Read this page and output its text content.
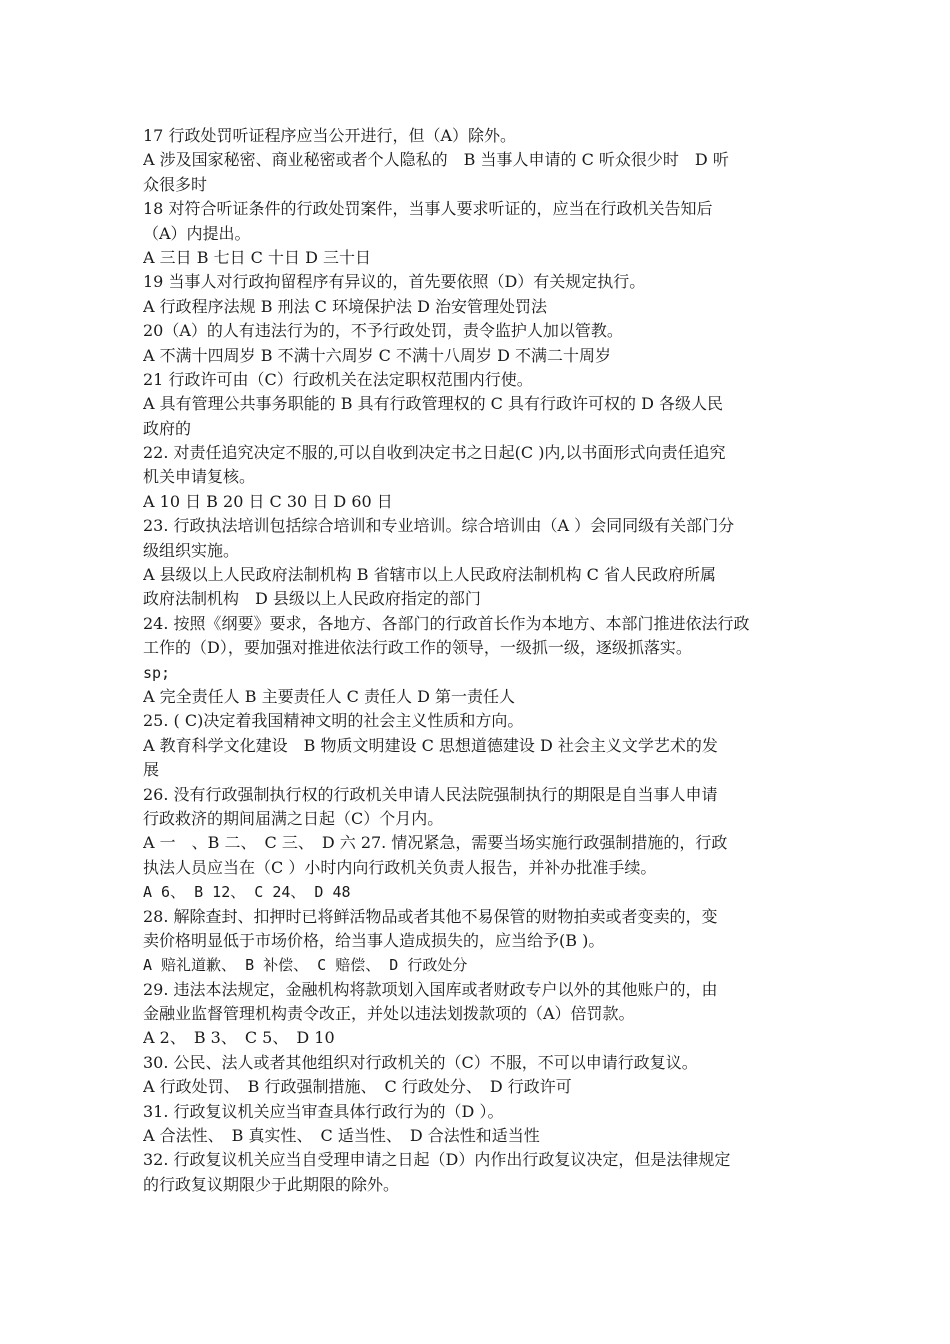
17 行政处罚听证程序应当公开进行，但（A）除外。
A 涉及国家秘密、商业秘密或者个人隐私的　B 当事人申请的 C 听众很少时　D 听
众很多时
18 对符合听证条件的行政处罚案件，当事人要求听证的，应当在行政机关告知后
（A）内提出。
A 三日 B 七日 C 十日 D 三十日
19 当事人对行政拘留程序有异议的，首先要依照（D）有关规定执行。
A 行政程序法规 B 刑法 C 环境保护法 D 治安管理处罚法
20（A）的人有违法行为的，不予行政处罚，责令监护人加以管教。
A 不满十四周岁 B 不满十六周岁 C 不满十八周岁 D 不满二十周岁
21 行政许可由（C）行政机关在法定职权范围内行使。
A 具有管理公共事务职能的 B 具有行政管理权的 C 具有行政许可权的 D 各级人民
政府的
22. 对责任追究决定不服的,可以自收到决定书之日起(C )内,以书面形式向责任追究
机关申请复核。
A 10 日 B 20 日 C 30 日 D 60 日
23. 行政执法培训包括综合培训和专业培训。综合培训由（A ）会同同级有关部门分
级组织实施。
A 县级以上人民政府法制机构 B 省辖市以上人民政府法制机构 C 省人民政府所属
政府法制机构　D 县级以上人民政府指定的部门
24. 按照《纲要》要求，各地方、各部门的行政首长作为本地方、本部门推进依法行政
工作的（D），要加强对推进依法行政工作的领导，一级抓一级，逐级抓落实。
sp;
A 完全责任人 B 主要责任人 C 责任人 D 第一责任人
25. ( C)决定着我国精神文明的社会主义性质和方向。
A 教育科学文化建设　B 物质文明建设 C 思想道德建设 D 社会主义文学艺术的发
展
26. 没有行政强制执行权的行政机关申请人民法院强制执行的期限是自当事人申请
行政救济的期间届满之日起（C）个月内。
A 一　、B 二、　C 三、　D 六 27. 情况紧急，需要当场实施行政强制措施的，行政
执法人员应当在（C ）小时内向行政机关负责人报告，并补办批准手续。
A 6、 B 12、 C 24、 D 48
28. 解除查封、扣押时已将鲜活物品或者其他不易保管的财物拍卖或者变卖的，变
卖价格明显低于市场价格，给当事人造成损失的，应当给予(B )。
A 赔礼道歉、 B 补偿、 C 赔偿、 D 行政处分
29. 违法本法规定，金融机构将款项划入国库或者财政专户以外的其他账户的，由
金融业监督管理机构责令改正，并处以违法划拨款项的（A）倍罚款。
A 2、　B 3、　C 5、　D 10
30. 公民、法人或者其他组织对行政机关的（C）不服，不可以申请行政复议。
A 行政处罚、　B 行政强制措施、　C 行政处分、　D 行政许可
31. 行政复议机关应当审查具体行政行为的（D ）。
A 合法性、　B 真实性、　C 适当性、　D 合法性和适当性
32. 行政复议机关应当自受理申请之日起（D）内作出行政复议决定，但是法律规定
的行政复议期限少于此期限的除外。
